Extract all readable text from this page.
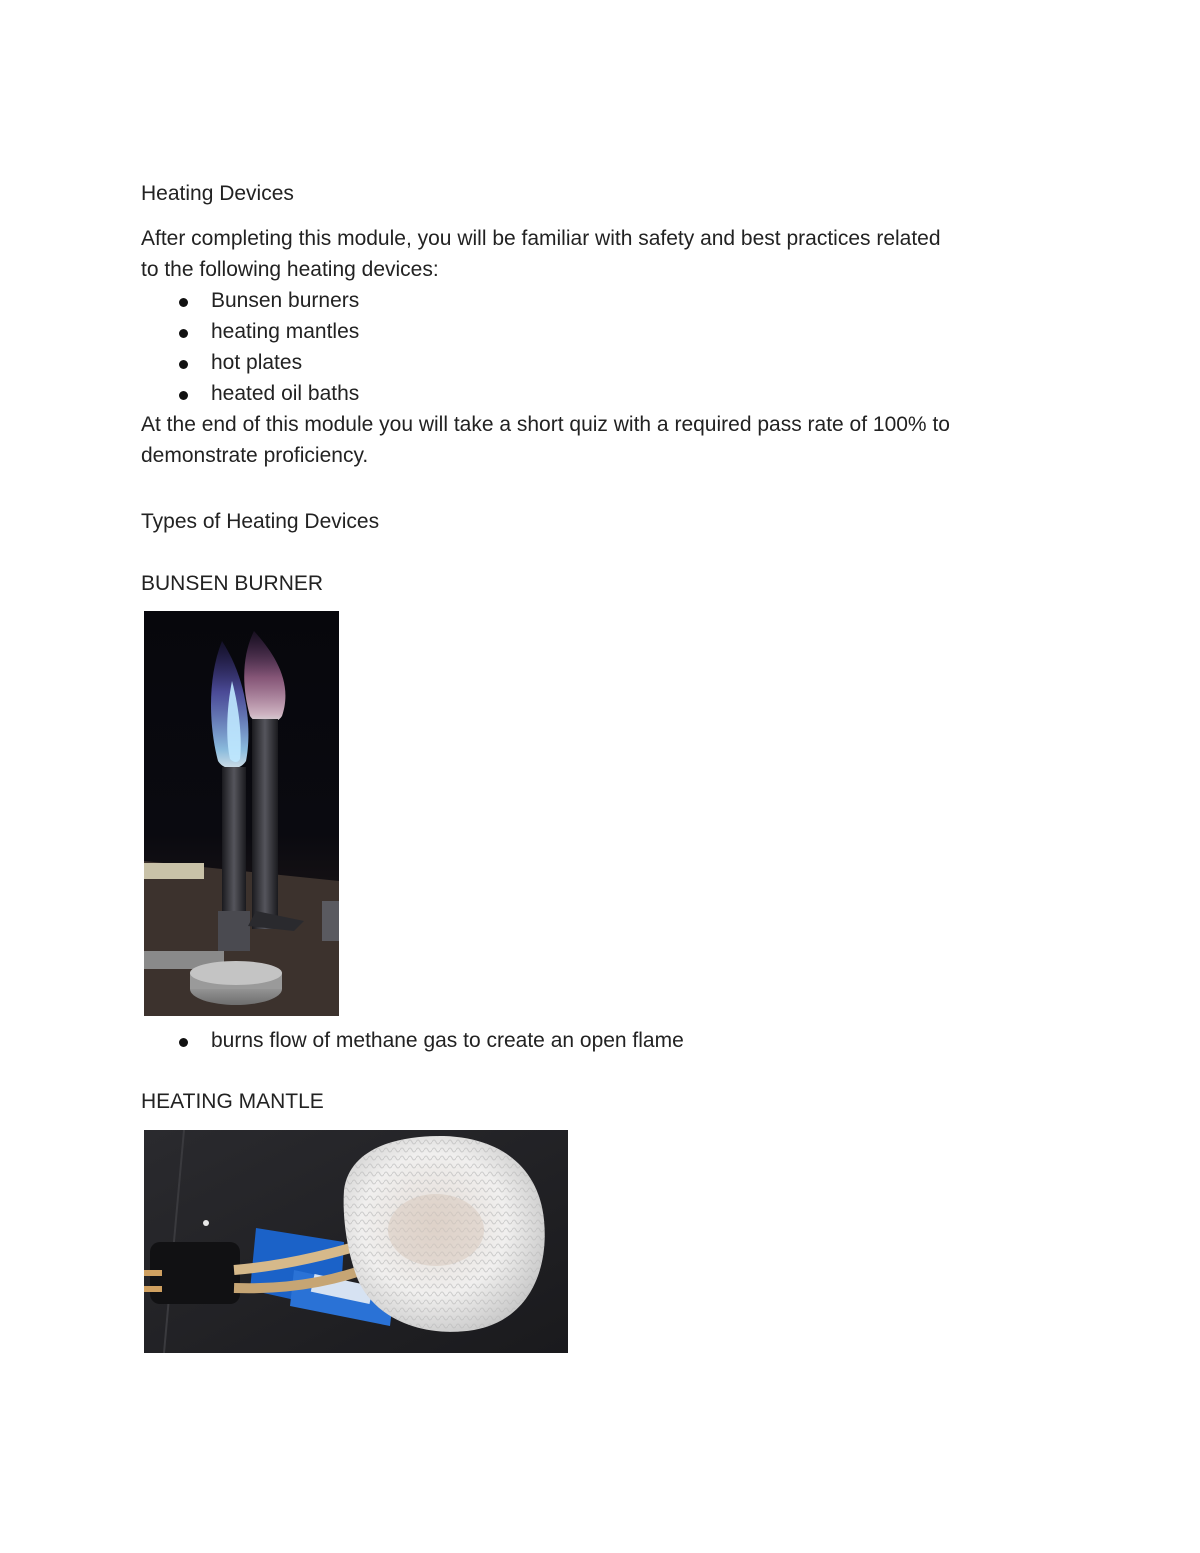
Heating Devices
After completing this module, you will be familiar with safety and best practices related
to the following heating devices:
Bunsen burners
heating mantles
hot plates
heated oil baths
At the end of this module you will take a short quiz with a required pass rate of 100% to
demonstrate proficiency.
Types of Heating Devices
BUNSEN BURNER
burns flow of methane gas to create an open flame
HEATING MANTLE
